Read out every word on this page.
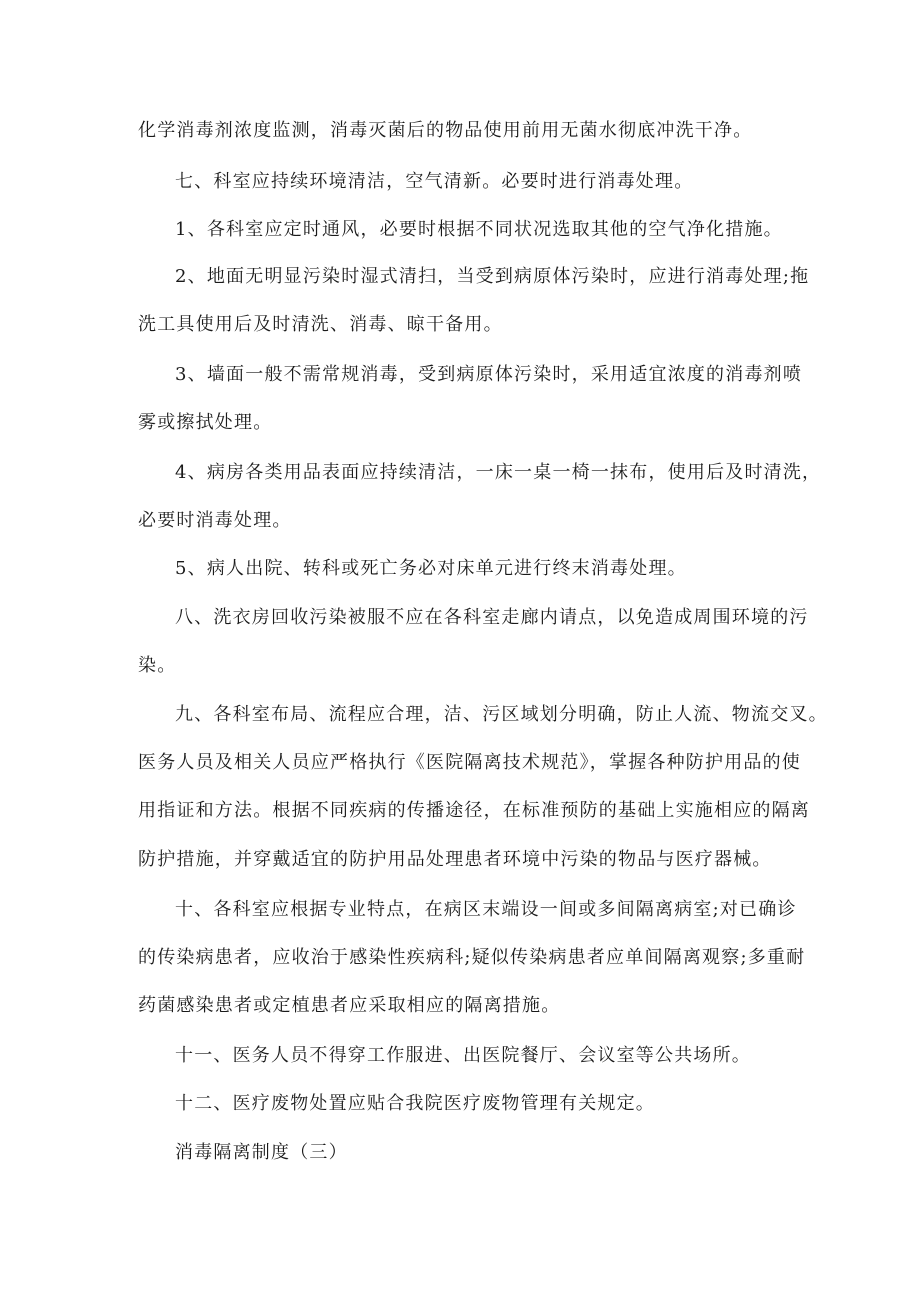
化学消毒剂浓度监测，消毒灭菌后的物品使用前用无菌水彻底冲洗干净。
七、科室应持续环境清洁，空气清新。必要时进行消毒处理。
1、各科室应定时通风，必要时根据不同状况选取其他的空气净化措施。
2、地面无明显污染时湿式清扫，当受到病原体污染时，应进行消毒处理;拖
洗工具使用后及时清洗、消毒、晾干备用。
3、墙面一般不需常规消毒，受到病原体污染时，采用适宜浓度的消毒剂喷
雾或擦拭处理。
4、病房各类用品表面应持续清洁，一床一桌一椅一抹布，使用后及时清洗，
必要时消毒处理。
5、病人出院、转科或死亡务必对床单元进行终末消毒处理。
八、洗衣房回收污染被服不应在各科室走廊内请点，以免造成周围环境的污
染。
九、各科室布局、流程应合理，洁、污区域划分明确，防止人流、物流交叉。
医务人员及相关人员应严格执行《医院隔离技术规范》，掌握各种防护用品的使
用指证和方法。根据不同疾病的传播途径，在标准预防的基础上实施相应的隔离
防护措施，并穿戴适宜的防护用品处理患者环境中污染的物品与医疗器械。
十、各科室应根据专业特点，在病区末端设一间或多间隔离病室;对已确诊
的传染病患者，应收治于感染性疾病科;疑似传染病患者应单间隔离观察;多重耐
药菌感染患者或定植患者应采取相应的隔离措施。
十一、医务人员不得穿工作服进、出医院餐厅、会议室等公共场所。
十二、医疗废物处置应贴合我院医疗废物管理有关规定。
消毒隔离制度（三）
